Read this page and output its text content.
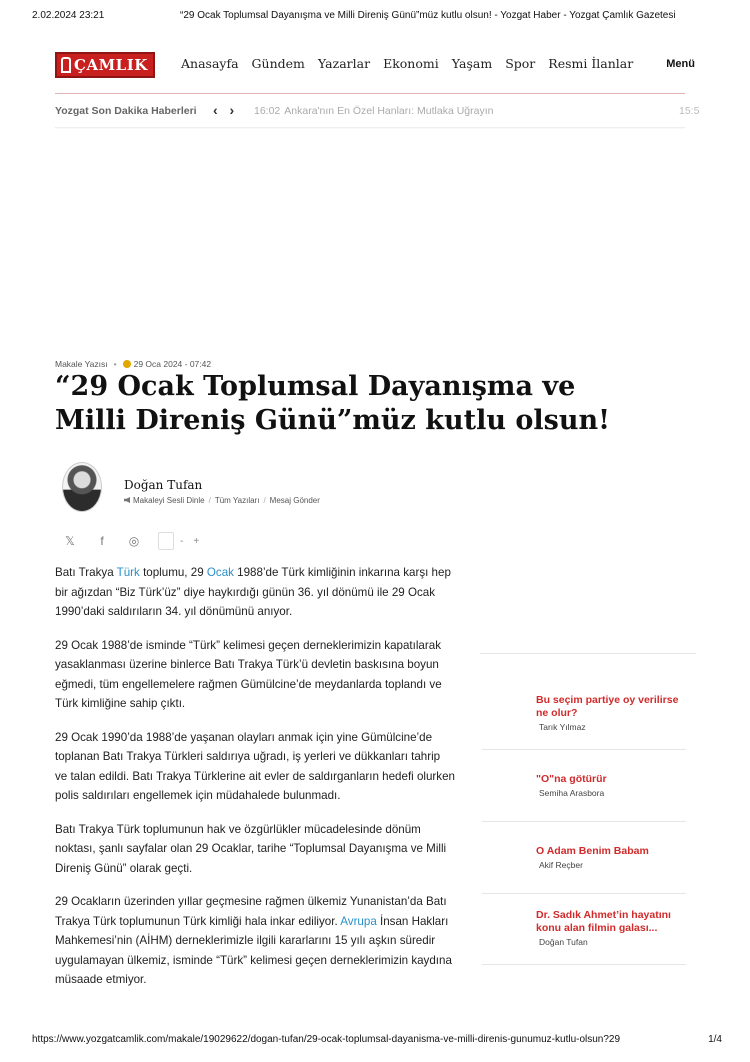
2.02.2024 23:21	“29 Ocak Toplumsal Dayanışma ve Milli Direniş Günü”müz kutlu olsun! - Yozgat Haber - Yozgat Çamlık Gazetesi
ÇAMLIK	Anasayfa Gündem Yazarlar Ekonomi Yaşam Spor Resmi İlanlar	Menü
Yozgat Son Dakika Haberleri ‹ › 16:02 Ankara'nın En Özel Hanları: Mutlaka Uğrayın	15:5
Makale Yazısı • 29 Oca 2024 - 07:42
“29 Ocak Toplumsal Dayanışma ve Milli Direniş Günü”müz kutlu olsun!
Doğan Tufan
Makaleyi Sesli Dinle / Tüm Yazıları / Mesaj Gönder
𝕏	f	◎	- +

Batı Trakya Türk toplumu, 29 Ocak 1988’de Türk kimliğinin inkarına karşı hep bir ağızdan “Biz Türk’üz” diye haykırdığı günün 36. yıl dönümü ile 29 Ocak 1990’daki saldırıların 34. yıl dönümünü anıyor.

29 Ocak 1988’de isminde “Türk” kelimesi geçen derneklerimizin kapatılarak yasaklanması üzerine binlerce Batı Trakya Türk’ü devletin baskısına boyun eğmedi, tüm engellemelere rağmen Gümülcine’de meydanlarda toplandı ve Türk kimliğine sahip çıktı.

29 Ocak 1990’da 1988’de yaşanan olayları anmak için yine Gümülcine’de toplanan Batı Trakya Türkleri saldırıya uğradı, iş yerleri ve dükkanları tahrip ve talan edildi. Batı Trakya Türklerine ait evler de saldırganların hedefi olurken polis saldırıları engellemek için müdahalede bulunmadı.

Batı Trakya Türk toplumunun hak ve özgürlükler mücadelesinde dönüm noktası, şanlı sayfalar olan 29 Ocaklar, tarihe “Toplumsal Dayanışma ve Milli Direniş Günü” olarak geçti.

29 Ocakların üzerinden yıllar geçmesine rağmen ülkemiz Yunanistan’da Batı Trakya Türk toplumunun Türk kimliği hala inkar ediliyor. Avrupa İnsan Hakları Mahkemesi’nin (AİHM) derneklerimizle ilgili kararlarını 15 yılı aşkın süredir uygulamayan ülkemiz, isminde “Türk” kelimesi geçen derneklerimizin kaydına müsaade etmiyor.

Bu seçim partiye oy verilirse ne olur?
Tarık Yılmaz
"O"na götürür
Semiha Arasbora
O Adam Benim Babam
Akif Reçber
Dr. Sadık Ahmet’in hayatını konu alan filmin galası...
Doğan Tufan
https://www.yozgatcamlik.com/makale/19029622/dogan-tufan/29-ocak-toplumsal-dayanisma-ve-milli-direnis-gunumuz-kutlu-olsun?29	1/4
